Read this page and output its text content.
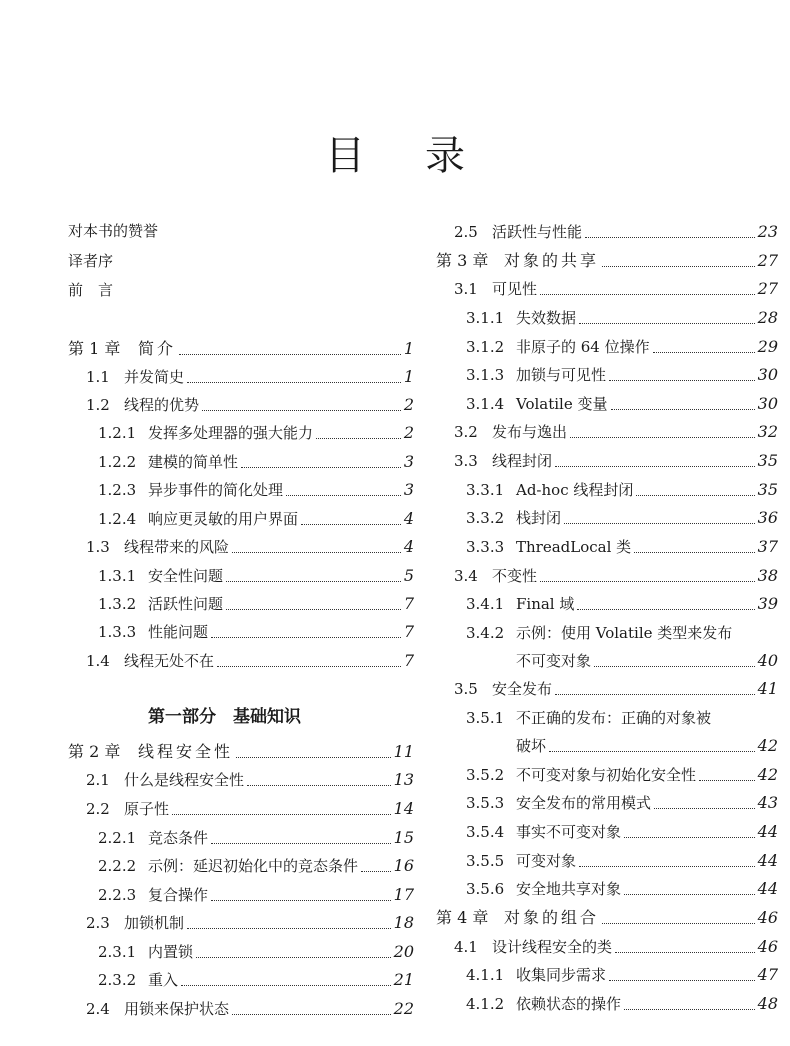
目 录
对本书的赞誉
译者序
前　言
第一部分　基础知识
第 1 章	简介	1
1.1 并发简史	1
1.2 线程的优势	2
1.2.1 发挥多处理器的强大能力	2
1.2.2 建模的简单性	3
1.2.3 异步事件的简化处理	3
1.2.4 响应更灵敏的用户界面	4
1.3 线程带来的风险	4
1.3.1 安全性问题	5
1.3.2 活跃性问题	7
1.3.3 性能问题	7
1.4 线程无处不在	7
第 2 章	线程安全性	11
2.1 什么是线程安全性	13
2.2 原子性	14
2.2.1 竞态条件	15
2.2.2 示例：延迟初始化中的竞态条件 16
2.2.3 复合操作	17
2.3 加锁机制	18
2.3.1 内置锁	20
2.3.2 重入	21
2.4 用锁来保护状态	22
2.5 活跃性与性能	23
第 3 章 对象的共享	27
3.1 可见性	27
3.1.1 失效数据	28
3.1.2 非原子的 64 位操作	29
3.1.3 加锁与可见性	30
3.1.4 Volatile 变量	30
3.2 发布与逸出	32
3.3 线程封闭	35
3.3.1 Ad-hoc 线程封闭	35
3.3.2 栈封闭	36
3.3.3 ThreadLocal 类	37
3.4 不变性	38
3.4.1 Final 域	39
3.4.2 示例：使用 Volatile 类型来发布
不可变对象	40
3.5 安全发布	41
3.5.1 不正确的发布：正确的对象被
破坏	42
3.5.2 不可变对象与初始化安全性	42
3.5.3 安全发布的常用模式	43
3.5.4 事实不可变对象	44
3.5.5 可变对象	44
3.5.6 安全地共享对象	44
第 4 章 对象的组合	46
4.1 设计线程安全的类	46
4.1.1 收集同步需求	47
4.1.2 依赖状态的操作	48
